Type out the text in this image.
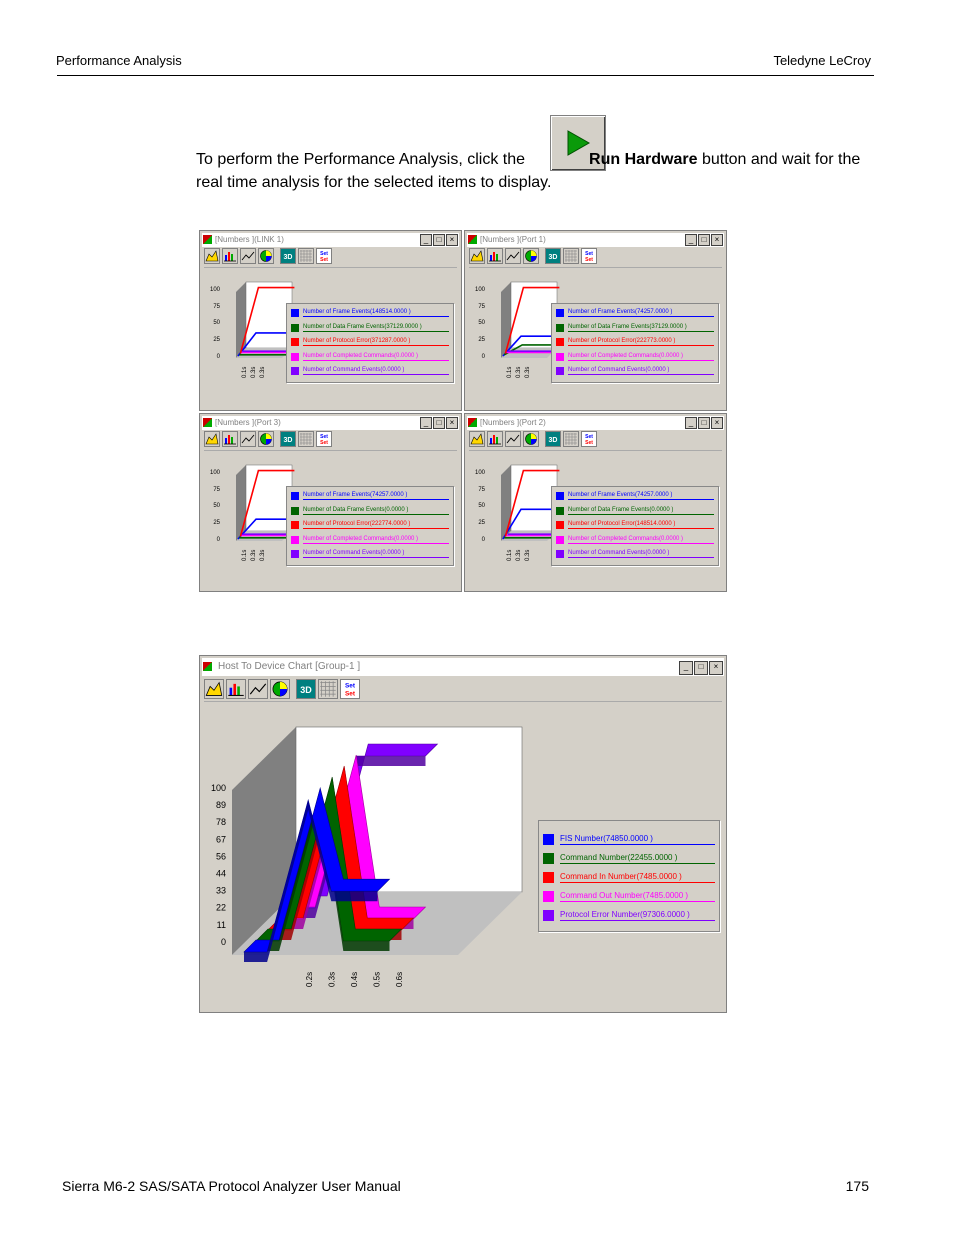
Performance Analysis	Teledyne LeCroy
To perform the Performance Analysis, click the	Run Hardware button and wait for the real time analysis for the selected items to display.
[Numbers ](LINK 1)	_ □ ×
3D	Set
Set
100
75
50
25
0
0.1s 0.3s 0.3s
Number of Frame Events(148514.0000 )
Number of Data Frame Events(37129.0000 )
Number of Protocol Error(371287.0000 )
Number of Completed Commands(0.0000 )
Number of Command Events(0.0000 )
[Numbers ](Port 1)	_ □ ×
3D	Set
Set
100
75
50
25
0
0.1s 0.3s 0.3s
Number of Frame Events(74257.0000 )
Number of Data Frame Events(37129.0000 )
Number of Protocol Error(222773.0000 )
Number of Completed Commands(0.0000 )
Number of Command Events(0.0000 )
[Numbers ](Port 3)	_ □ ×
3D	Set
Set
100
75
50
25
0
0.1s 0.3s 0.3s
Number of Frame Events(74257.0000 )
Number of Data Frame Events(0.0000 )
Number of Protocol Error(222774.0000 )
Number of Completed Commands(0.0000 )
Number of Command Events(0.0000 )
[Numbers ](Port 2)	_ □ ×
3D	Set
Set
100
75
50
25
0
0.1s 0.3s 0.3s
Number of Frame Events(74257.0000 )
Number of Data Frame Events(0.0000 )
Number of Protocol Error(148514.0000 )
Number of Completed Commands(0.0000 )
Number of Command Events(0.0000 )
Host To Device Chart [Group-1 ]	_ □ ×
3D	Set
Set
100
89
78
67
56
44
33
22
11
0
0.2s 0.3s 0.4s 0.5s 0.6s
FIS Number(74850.0000 )
Command Number(22455.0000 )
Command In Number(7485.0000 )
Command Out Number(7485.0000 )
Protocol Error Number(97306.0000 )
Sierra M6-2 SAS/SATA Protocol Analyzer User Manual	175
